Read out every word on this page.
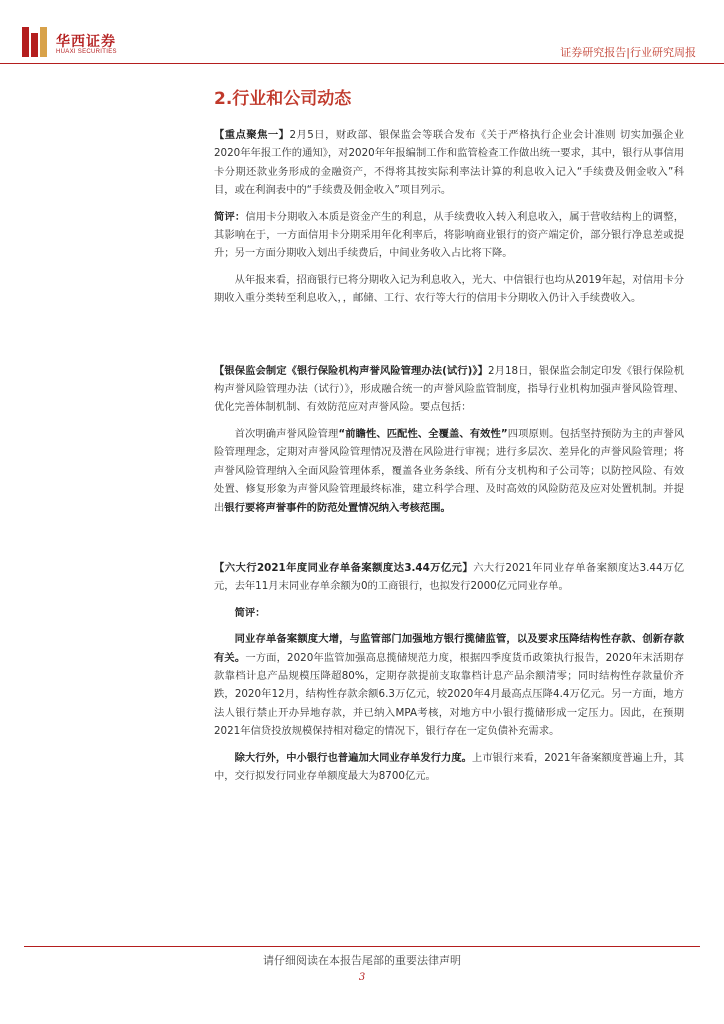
华西证券
HUAXI SECURITIES	证券研究报告|行业研究周报
2.行业和公司动态

【重点聚焦一】2月5日，财政部、银保监会等联合发布《关于严格执行企业会计准则 切实加强企业2020年年报工作的通知》，对2020年年报编制工作和监管检查工作做出统一要求，其中，银行从事信用卡分期还款业务形成的金融资产，不得将其按实际利率法计算的利息收入记入“手续费及佣金收入”科目，或在利润表中的“手续费及佣金收入”项目列示。

简评：信用卡分期收入本质是资金产生的利息，从手续费收入转入利息收入，属于营收结构上的调整，其影响在于，一方面信用卡分期采用年化利率后，将影响商业银行的资产端定价，部分银行净息差或提升；另一方面分期收入划出手续费后，中间业务收入占比将下降。

从年报来看，招商银行已将分期收入记为利息收入，光大、中信银行也均从2019年起，对信用卡分期收入重分类转至利息收入，，邮储、工行、农行等大行的信用卡分期收入仍计入手续费收入。

【银保监会制定《银行保险机构声誉风险管理办法(试行)》】2月18日，银保监会制定印发《银行保险机构声誉风险管理办法（试行）》，形成融合统一的声誉风险监管制度，指导行业机构加强声誉风险管理、优化完善体制机制、有效防范应对声誉风险。要点包括：

首次明确声誉风险管理“前瞻性、匹配性、全覆盖、有效性”四项原则。包括坚持预防为主的声誉风险管理理念，定期对声誉风险管理情况及潜在风险进行审视；进行多层次、差异化的声誉风险管理；将声誉风险管理纳入全面风险管理体系，覆盖各业务条线、所有分支机构和子公司等；以防控风险、有效处置、修复形象为声誉风险管理最终标准，建立科学合理、及时高效的风险防范及应对处置机制。并提出银行要将声誉事件的防范处置情况纳入考核范围。

【六大行2021年度同业存单备案额度达3.44万亿元】六大行2021年同业存单备案额度达3.44万亿元，去年11月末同业存单余额为0的工商银行，也拟发行2000亿元同业存单。

简评：

同业存单备案额度大增，与监管部门加强地方银行揽储监管，以及要求压降结构性存款、创新存款有关。一方面，2020年监管加强高息揽储规范力度，根据四季度货币政策执行报告，2020年末活期存款靠档计息产品规模压降超80%，定期存款提前支取靠档计息产品余额清零；同时结构性存款量价齐跌，2020年12月，结构性存款余额6.3万亿元，较2020年4月最高点压降4.4万亿元。另一方面，地方法人银行禁止开办异地存款，并已纳入MPA考核，对地方中小银行揽储形成一定压力。因此，在预期2021年信贷投放规模保持相对稳定的情况下，银行存在一定负债补充需求。

除大行外，中小银行也普遍加大同业存单发行力度。上市银行来看，2021年备案额度普遍上升，其中，交行拟发行同业存单额度最大为8700亿元。

请仔细阅读在本报告尾部的重要法律声明
3
